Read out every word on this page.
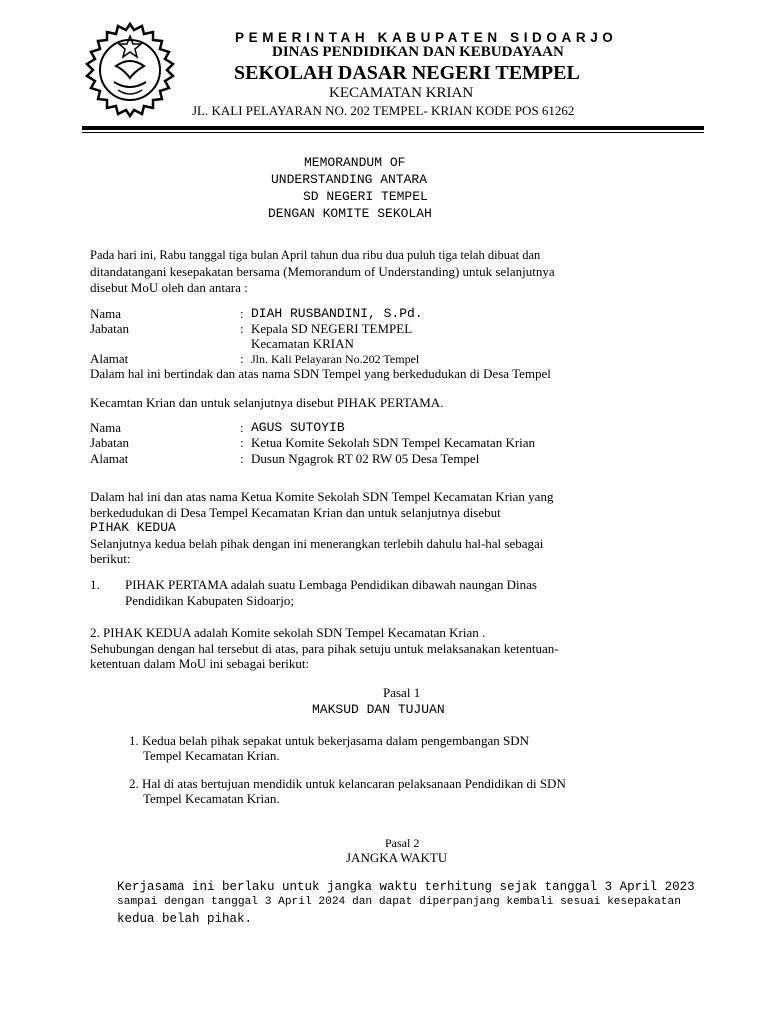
PEMERINTAH KABUPATEN SIDOARJO
DINAS PENDIDIKAN DAN KEBUDAYAAN
SEKOLAH DASAR NEGERI TEMPEL
KECAMATAN KRIAN
JL. KALI PELAYARAN NO. 202 TEMPEL- KRIAN KODE POS 61262
MEMORANDUM OF
UNDERSTANDING ANTARA
SD NEGERI TEMPEL
DENGAN KOMITE SEKOLAH
Pada hari ini, Rabu tanggal tiga bulan April tahun dua ribu dua puluh tiga telah dibuat dan
ditandatangani kesepakatan bersama (Memorandum of Understanding) untuk selanjutnya
disebut MoU oleh dan antara :
Nama	: DIAH RUSBANDINI, S.Pd.
Jabatan	: Kepala SD NEGERI TEMPEL
Kecamatan KRIAN
Alamat	: Jln. Kali Pelayaran No.202 Tempel
Dalam hal ini bertindak dan atas nama SDN Tempel yang berkedudukan di Desa Tempel
Kecamtan Krian dan untuk selanjutnya disebut PIHAK PERTAMA.
Nama	: AGUS SUTOYIB
Jabatan	: Ketua Komite Sekolah SDN Tempel Kecamatan Krian
Alamat	: Dusun Ngagrok RT 02 RW 05 Desa Tempel
Dalam hal ini dan atas nama Ketua Komite Sekolah SDN Tempel Kecamatan Krian yang
berkedudukan di Desa Tempel Kecamatan Krian dan untuk selanjutnya disebut
PIHAK KEDUA
Selanjutnya kedua belah pihak dengan ini menerangkan terlebih dahulu hal-hal sebagai
berikut:
1. PIHAK PERTAMA adalah suatu Lembaga Pendidikan dibawah naungan Dinas
Pendidikan Kabupaten Sidoarjo;
2. PIHAK KEDUA adalah Komite sekolah SDN Tempel Kecamatan Krian .
Sehubungan dengan hal tersebut di atas, para pihak setuju untuk melaksanakan ketentuan-
ketentuan dalam MoU ini sebagai berikut:
Pasal 1
MAKSUD DAN TUJUAN
1. Kedua belah pihak sepakat untuk bekerjasama dalam pengembangan SDN
Tempel Kecamatan Krian.
2. Hal di atas bertujuan mendidik untuk kelancaran pelaksanaan Pendidikan di SDN
Tempel Kecamatan Krian.
Pasal 2
JANGKA WAKTU
Kerjasama ini berlaku untuk jangka waktu terhitung sejak tanggal 3 April 2023
sampai dengan tanggal 3 April 2024 dan dapat diperpanjang kembali sesuai kesepakatan
kedua belah pihak.
